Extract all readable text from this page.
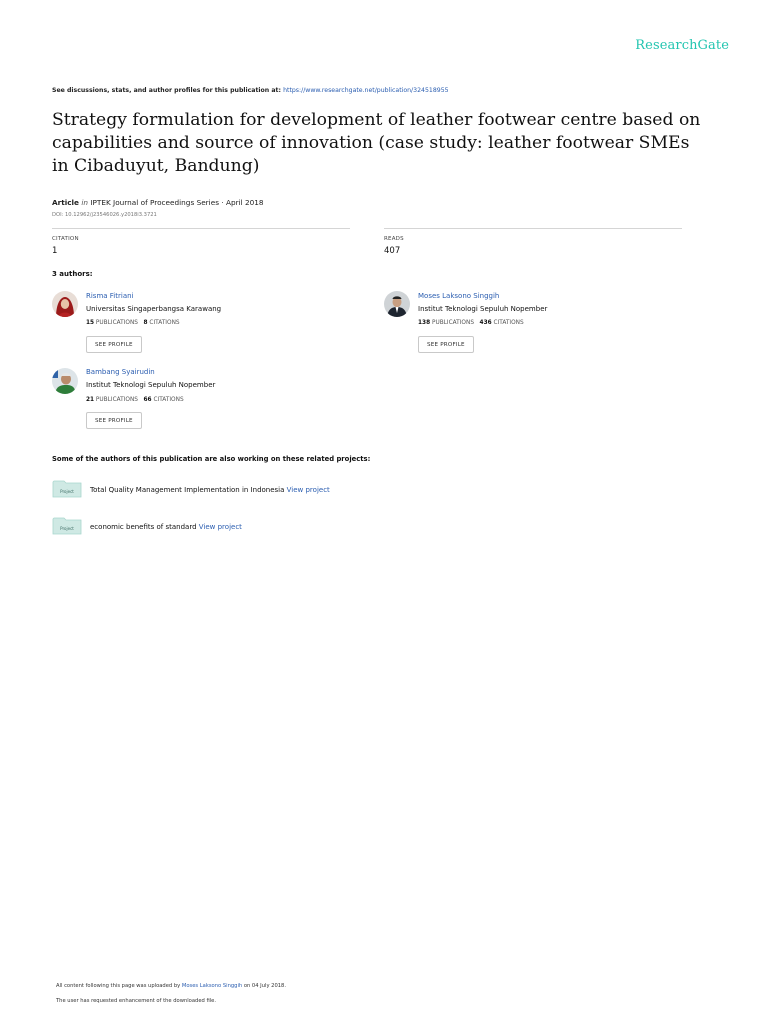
ResearchGate
See discussions, stats, and author profiles for this publication at: https://www.researchgate.net/publication/324518955
Strategy formulation for development of leather footwear centre based on capabilities and source of innovation (case study: leather footwear SMEs in Cibaduyut, Bandung)
Article in IPTEK Journal of Proceedings Series · April 2018
DOI: 10.12962/j23546026.y2018i3.3721
CITATION
1
READS
407
3 authors:
Risma Fitriani
Universitas Singaperbangsa Karawang
15 PUBLICATIONS 8 CITATIONS
SEE PROFILE
Moses Laksono Singgih
Institut Teknologi Sepuluh Nopember
138 PUBLICATIONS 436 CITATIONS
SEE PROFILE
Bambang Syairudin
Institut Teknologi Sepuluh Nopember
21 PUBLICATIONS 66 CITATIONS
SEE PROFILE
Some of the authors of this publication are also working on these related projects:
Project Total Quality Management Implementation in Indonesia View project
Project economic benefits of standard View project
All content following this page was uploaded by Moses Laksono Singgih on 04 July 2018.
The user has requested enhancement of the downloaded file.
